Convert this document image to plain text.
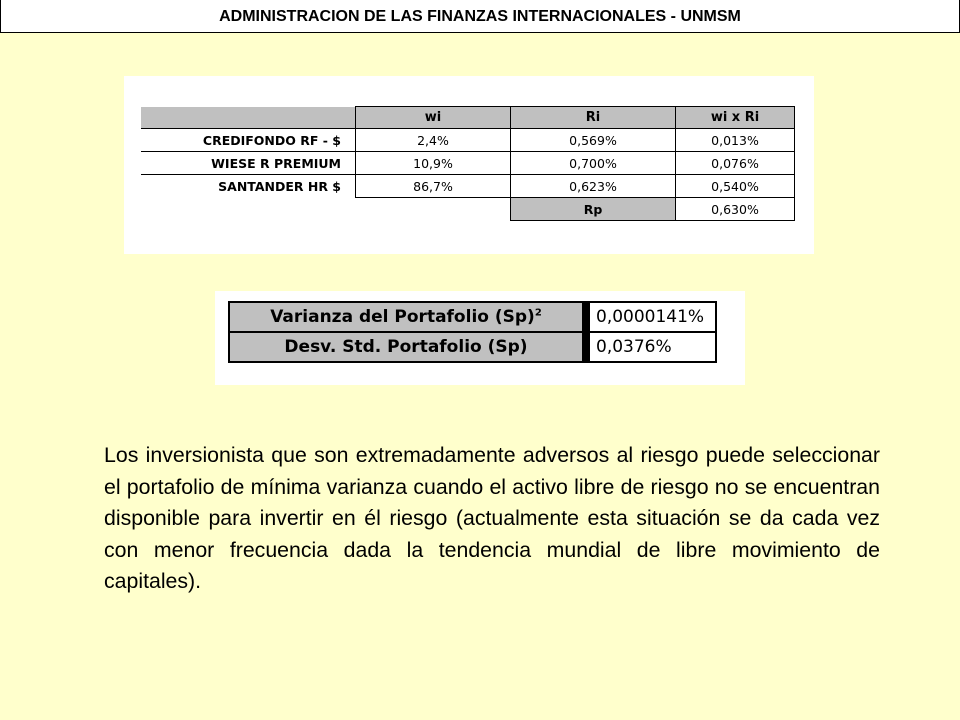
ADMINISTRACION DE LAS FINANZAS INTERNACIONALES - UNMSM
	wi	Ri	wi x Ri
CREDIFONDO RF - $	2,4%	0,569%	0,013%
WIESE R PREMIUM	10,9%	0,700%	0,076%
SANTANDER HR $	86,7%	0,623%	0,540%
		Rp	0,630%
Varianza del Portafolio $(Sp)^2$		0,0000141%
Desv. Std. Portafolio (Sp)		0,0376%
Los inversionista que son extremadamente adversos al riesgo puede seleccionar el portafolio de mínima varianza cuando el activo libre de riesgo no se encuentran disponible para invertir en él riesgo (actualmente esta situación se da cada vez con menor frecuencia dada la tendencia mundial de libre movimiento de capitales).
